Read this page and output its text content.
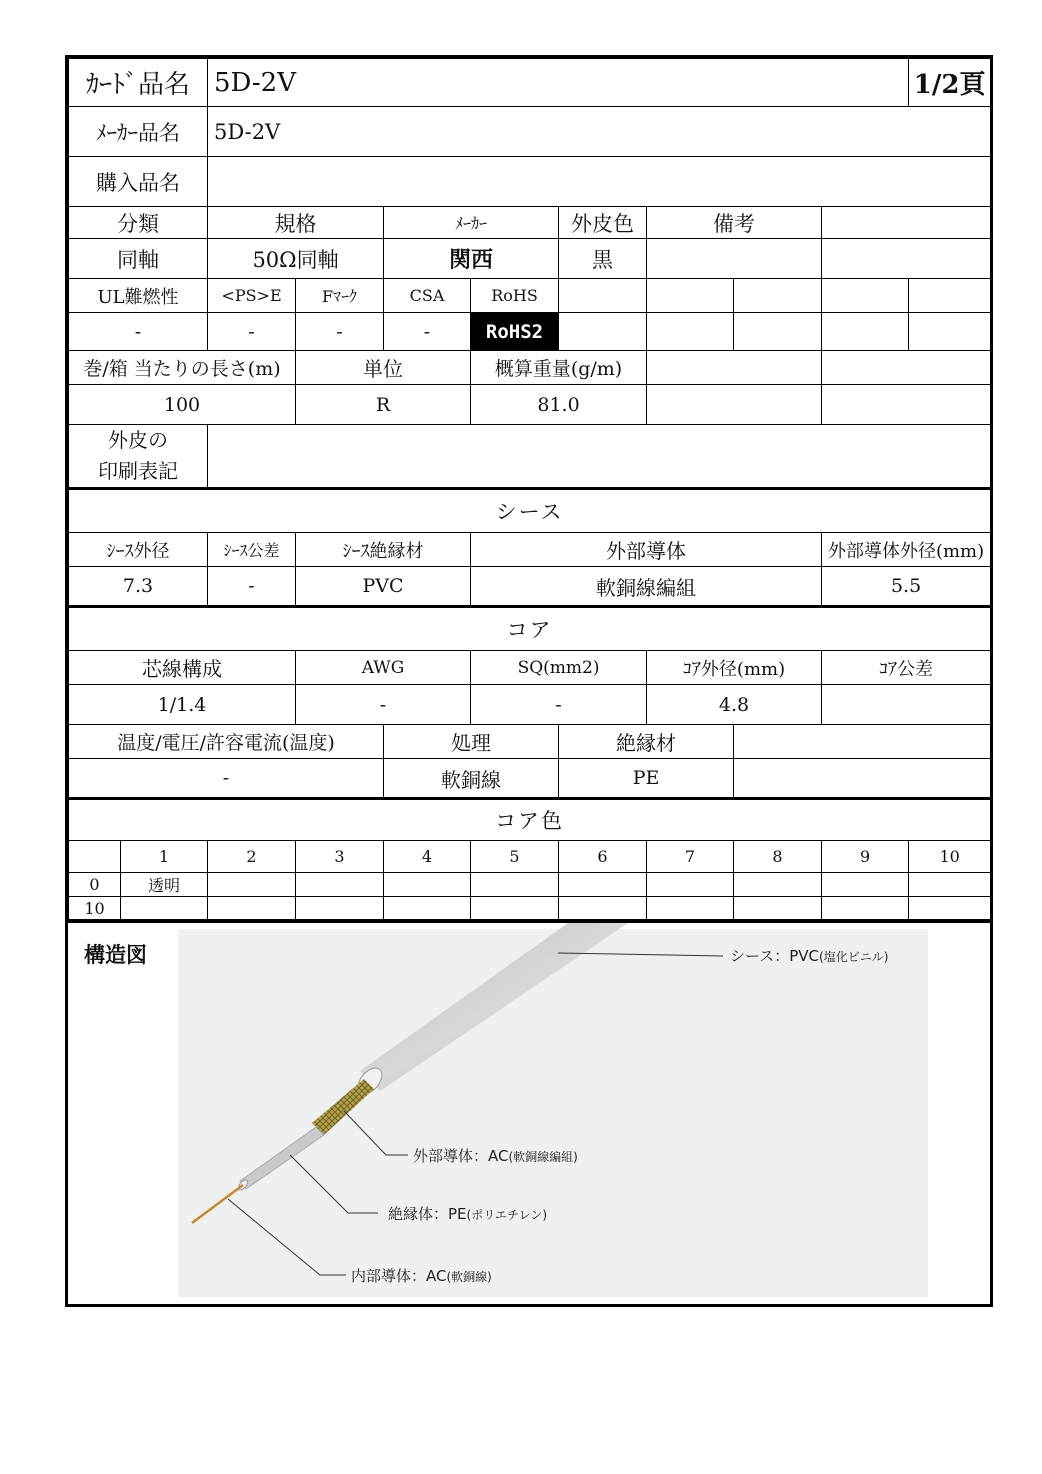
ｶｰﾄﾞ品名		5D-2V								1/2頁
ﾒｰｶｰ品名		5D-2V								
購入品名										
分類		規格		ﾒｰｶｰ		外皮色	備考			
同軸		50Ω同軸		関西		黒				
UL難燃性		<PS>E	Fﾏｰｸ	CSA	RoHS					
-		-	-	-	RoHS2					
巻/箱 当たりの長さ(m)			単位		概算重量(g/m)					
100			R		81.0					

外皮の
印刷表記										

シース										
ｼｰｽ外径		ｼｰｽ公差	ｼｰｽ絶縁材		外部導体				外部導体外径(mm)	
7.3		-	PVC		軟銅線編組				5.5	
コア										
芯線構成			AWG		SQ(mm2)		ｺｱ外径(mm)		ｺｱ公差	
1/1.4			-		-		4.8			
温度/電圧/許容電流(温度)				処理		絶縁材				
-				軟銅線		PE				
コア色										
	1	2	3	4	5	6	7	8	9	10
0	透明									
10										
構造図	シース：PVC(塩化ビニル)
外部導体：AC(軟銅線編組)
絶縁体：PE(ポリエチレン)
内部導体：AC(軟銅線)
